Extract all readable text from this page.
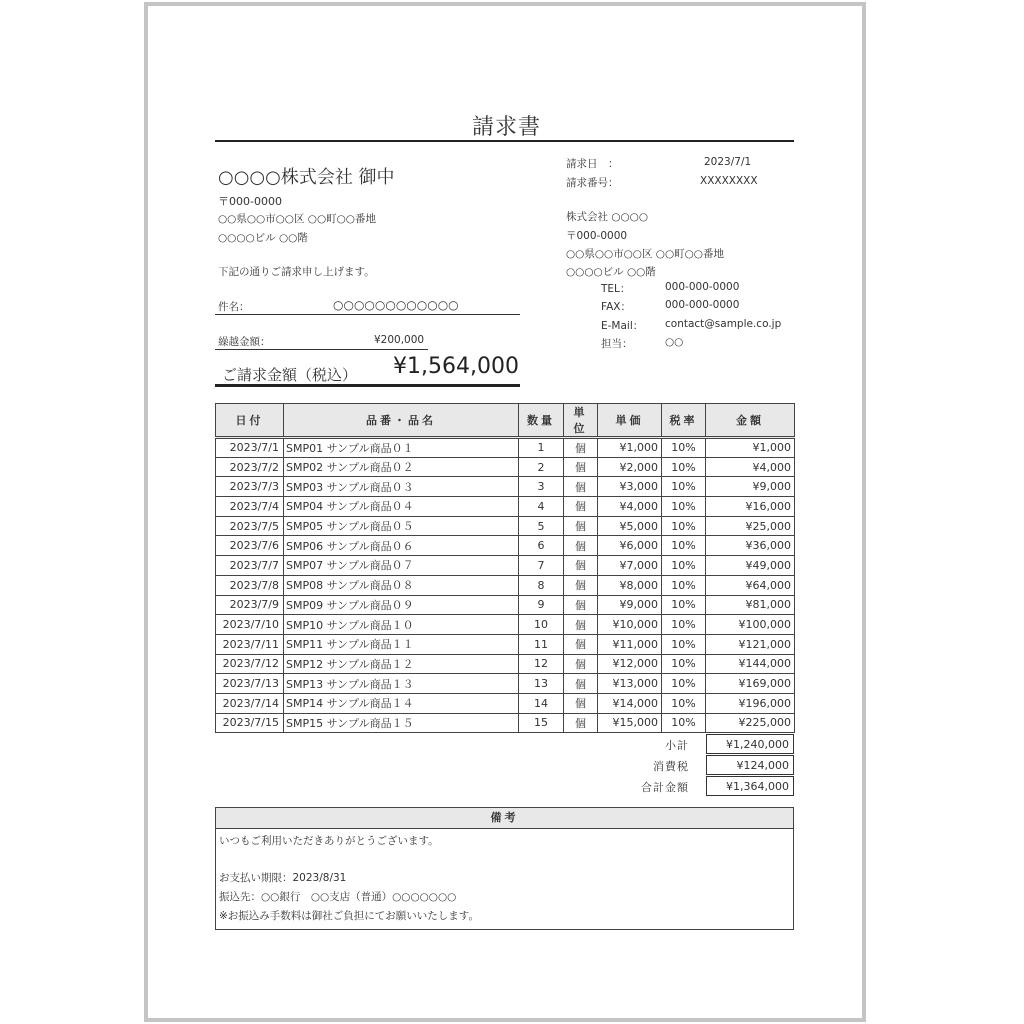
請求書
○○○○株式会社 御中
〒000-0000
○○県○○市○○区 ○○町○○番地
○○○○ビル ○○階
下記の通りご請求申し上げます。
件名：	○○○○○○○○○○○○
繰越金額：	¥200,000
ご請求金額（税込） ¥1,564,000
請求日　：	2023/7/1
請求番号：	XXXXXXXX
株式会社 ○○○○
〒000-0000
○○県○○市○○区 ○○町○○番地
○○○○ビル ○○階
TEL：	000-000-0000
FAX：	000-000-0000
E-Mail： contact@sample.co.jp
担当：	○○
日付	品番・品名	数量	単位	単価	税率	金額
2023/7/1	SMP01 サンプル商品０１	1	個	¥1,000	10%	¥1,000
2023/7/2	SMP02 サンプル商品０２	2	個	¥2,000	10%	¥4,000
2023/7/3	SMP03 サンプル商品０３	3	個	¥3,000	10%	¥9,000
2023/7/4	SMP04 サンプル商品０４	4	個	¥4,000	10%	¥16,000
2023/7/5	SMP05 サンプル商品０５	5	個	¥5,000	10%	¥25,000
2023/7/6	SMP06 サンプル商品０６	6	個	¥6,000	10%	¥36,000
2023/7/7	SMP07 サンプル商品０７	7	個	¥7,000	10%	¥49,000
2023/7/8	SMP08 サンプル商品０８	8	個	¥8,000	10%	¥64,000
2023/7/9	SMP09 サンプル商品０９	9	個	¥9,000	10%	¥81,000
2023/7/10	SMP10 サンプル商品１０	10	個	¥10,000	10%	¥100,000
2023/7/11	SMP11 サンプル商品１１	11	個	¥11,000	10%	¥121,000
2023/7/12	SMP12 サンプル商品１２	12	個	¥12,000	10%	¥144,000
2023/7/13	SMP13 サンプル商品１３	13	個	¥13,000	10%	¥169,000
2023/7/14	SMP14 サンプル商品１４	14	個	¥14,000	10%	¥196,000
2023/7/15	SMP15 サンプル商品１５	15	個	¥15,000	10%	¥225,000
小計	¥1,240,000
消費税	¥124,000
合計金額	¥1,364,000
備考
いつもご利用いただきありがとうございます。
お支払い期限：2023/8/31
振込先：○○銀行　○○支店（普通）○○○○○○○
※お振込み手数料は御社ご負担にてお願いいたします。
